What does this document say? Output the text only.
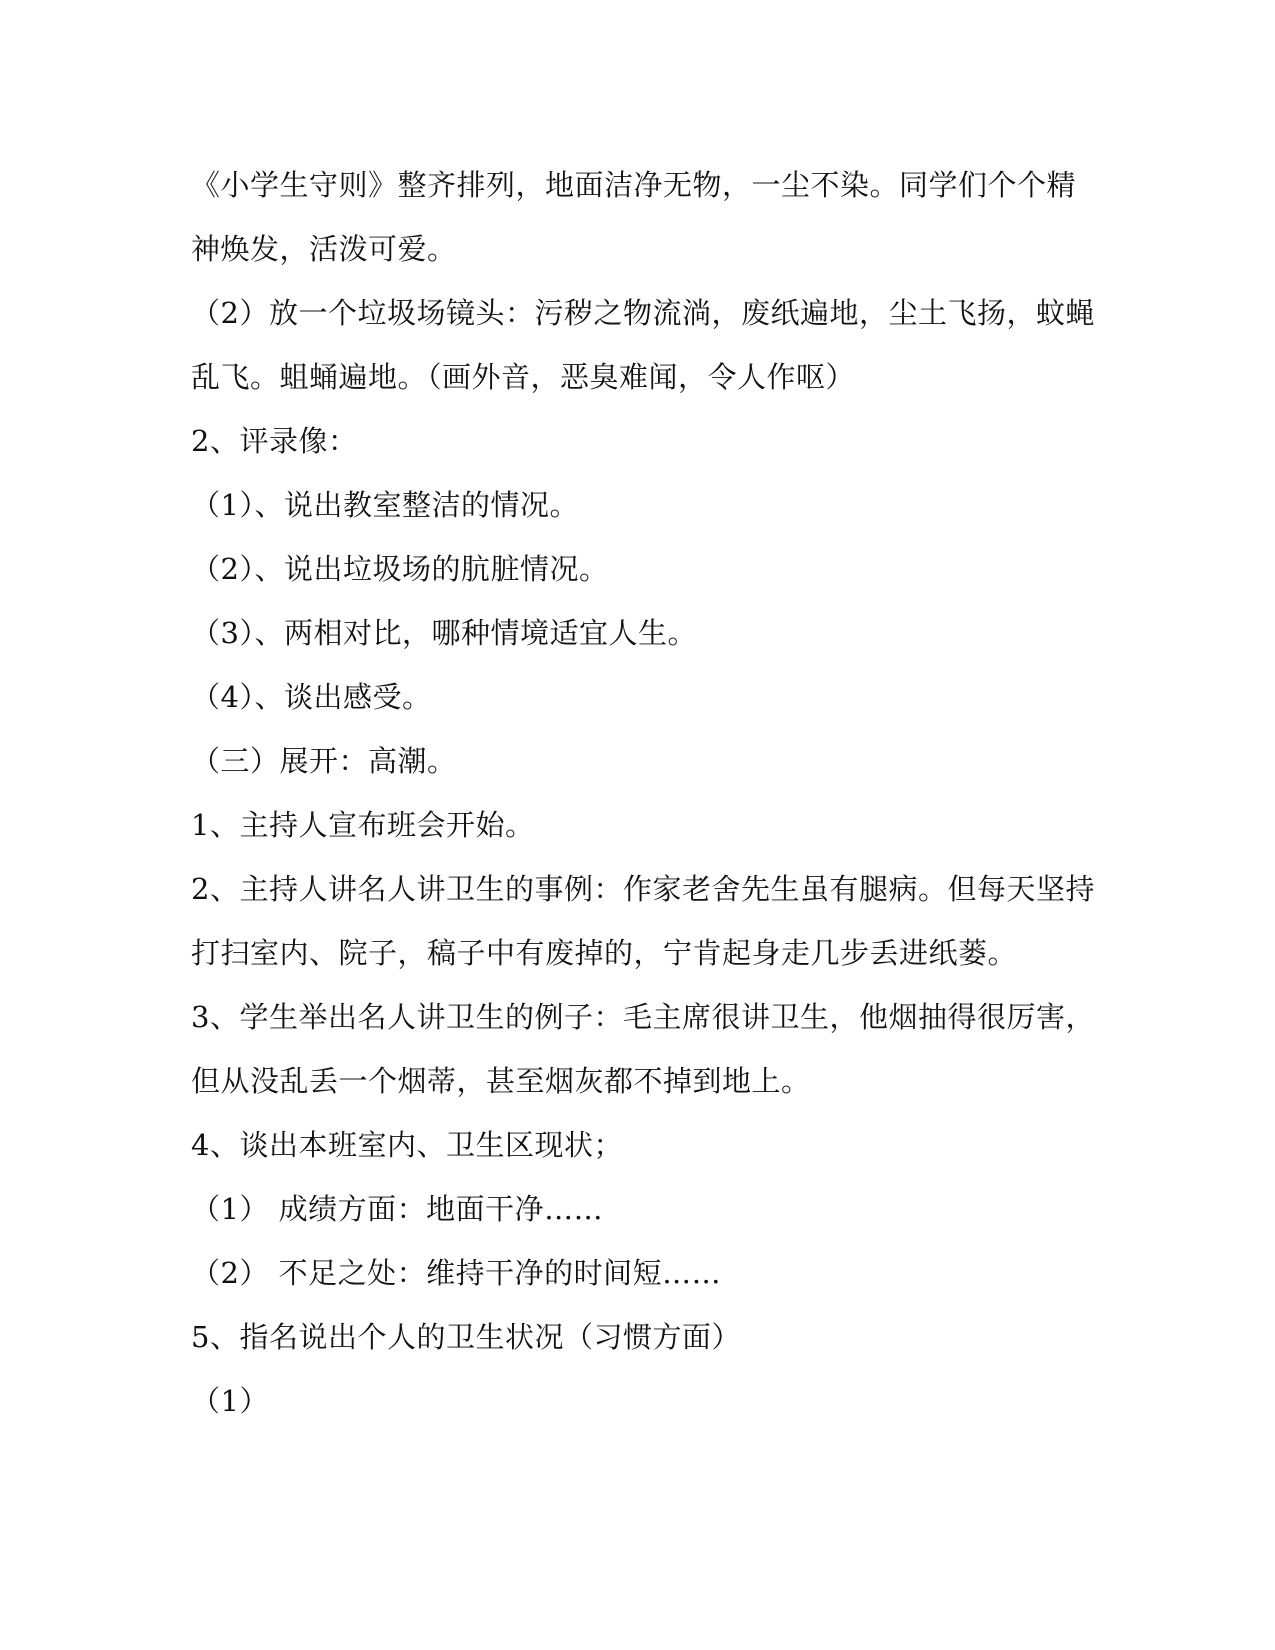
《小学生守则》整齐排列，地面洁净无物，一尘不染。同学们个个精
神焕发，活泼可爱。
（2）放一个垃圾场镜头：污秽之物流淌，废纸遍地，尘土飞扬，蚊蝇
乱飞。蛆蛹遍地。（画外音，恶臭难闻，令人作呕）
2、评录像：
（1）、说出教室整洁的情况。
（2）、说出垃圾场的肮脏情况。
（3）、两相对比，哪种情境适宜人生。
（4）、谈出感受。
（三）展开：高潮。
1、主持人宣布班会开始。
2、主持人讲名人讲卫生的事例：作家老舍先生虽有腿病。但每天坚持
打扫室内、院子，稿子中有废掉的，宁肯起身走几步丢进纸蒌。
3、学生举出名人讲卫生的例子：毛主席很讲卫生，他烟抽得很厉害，
但从没乱丢一个烟蒂，甚至烟灰都不掉到地上。
4、谈出本班室内、卫生区现状；
（1） 成绩方面：地面干净……
（2） 不足之处：维持干净的时间短……
5、指名说出个人的卫生状况（习惯方面）
（1）
